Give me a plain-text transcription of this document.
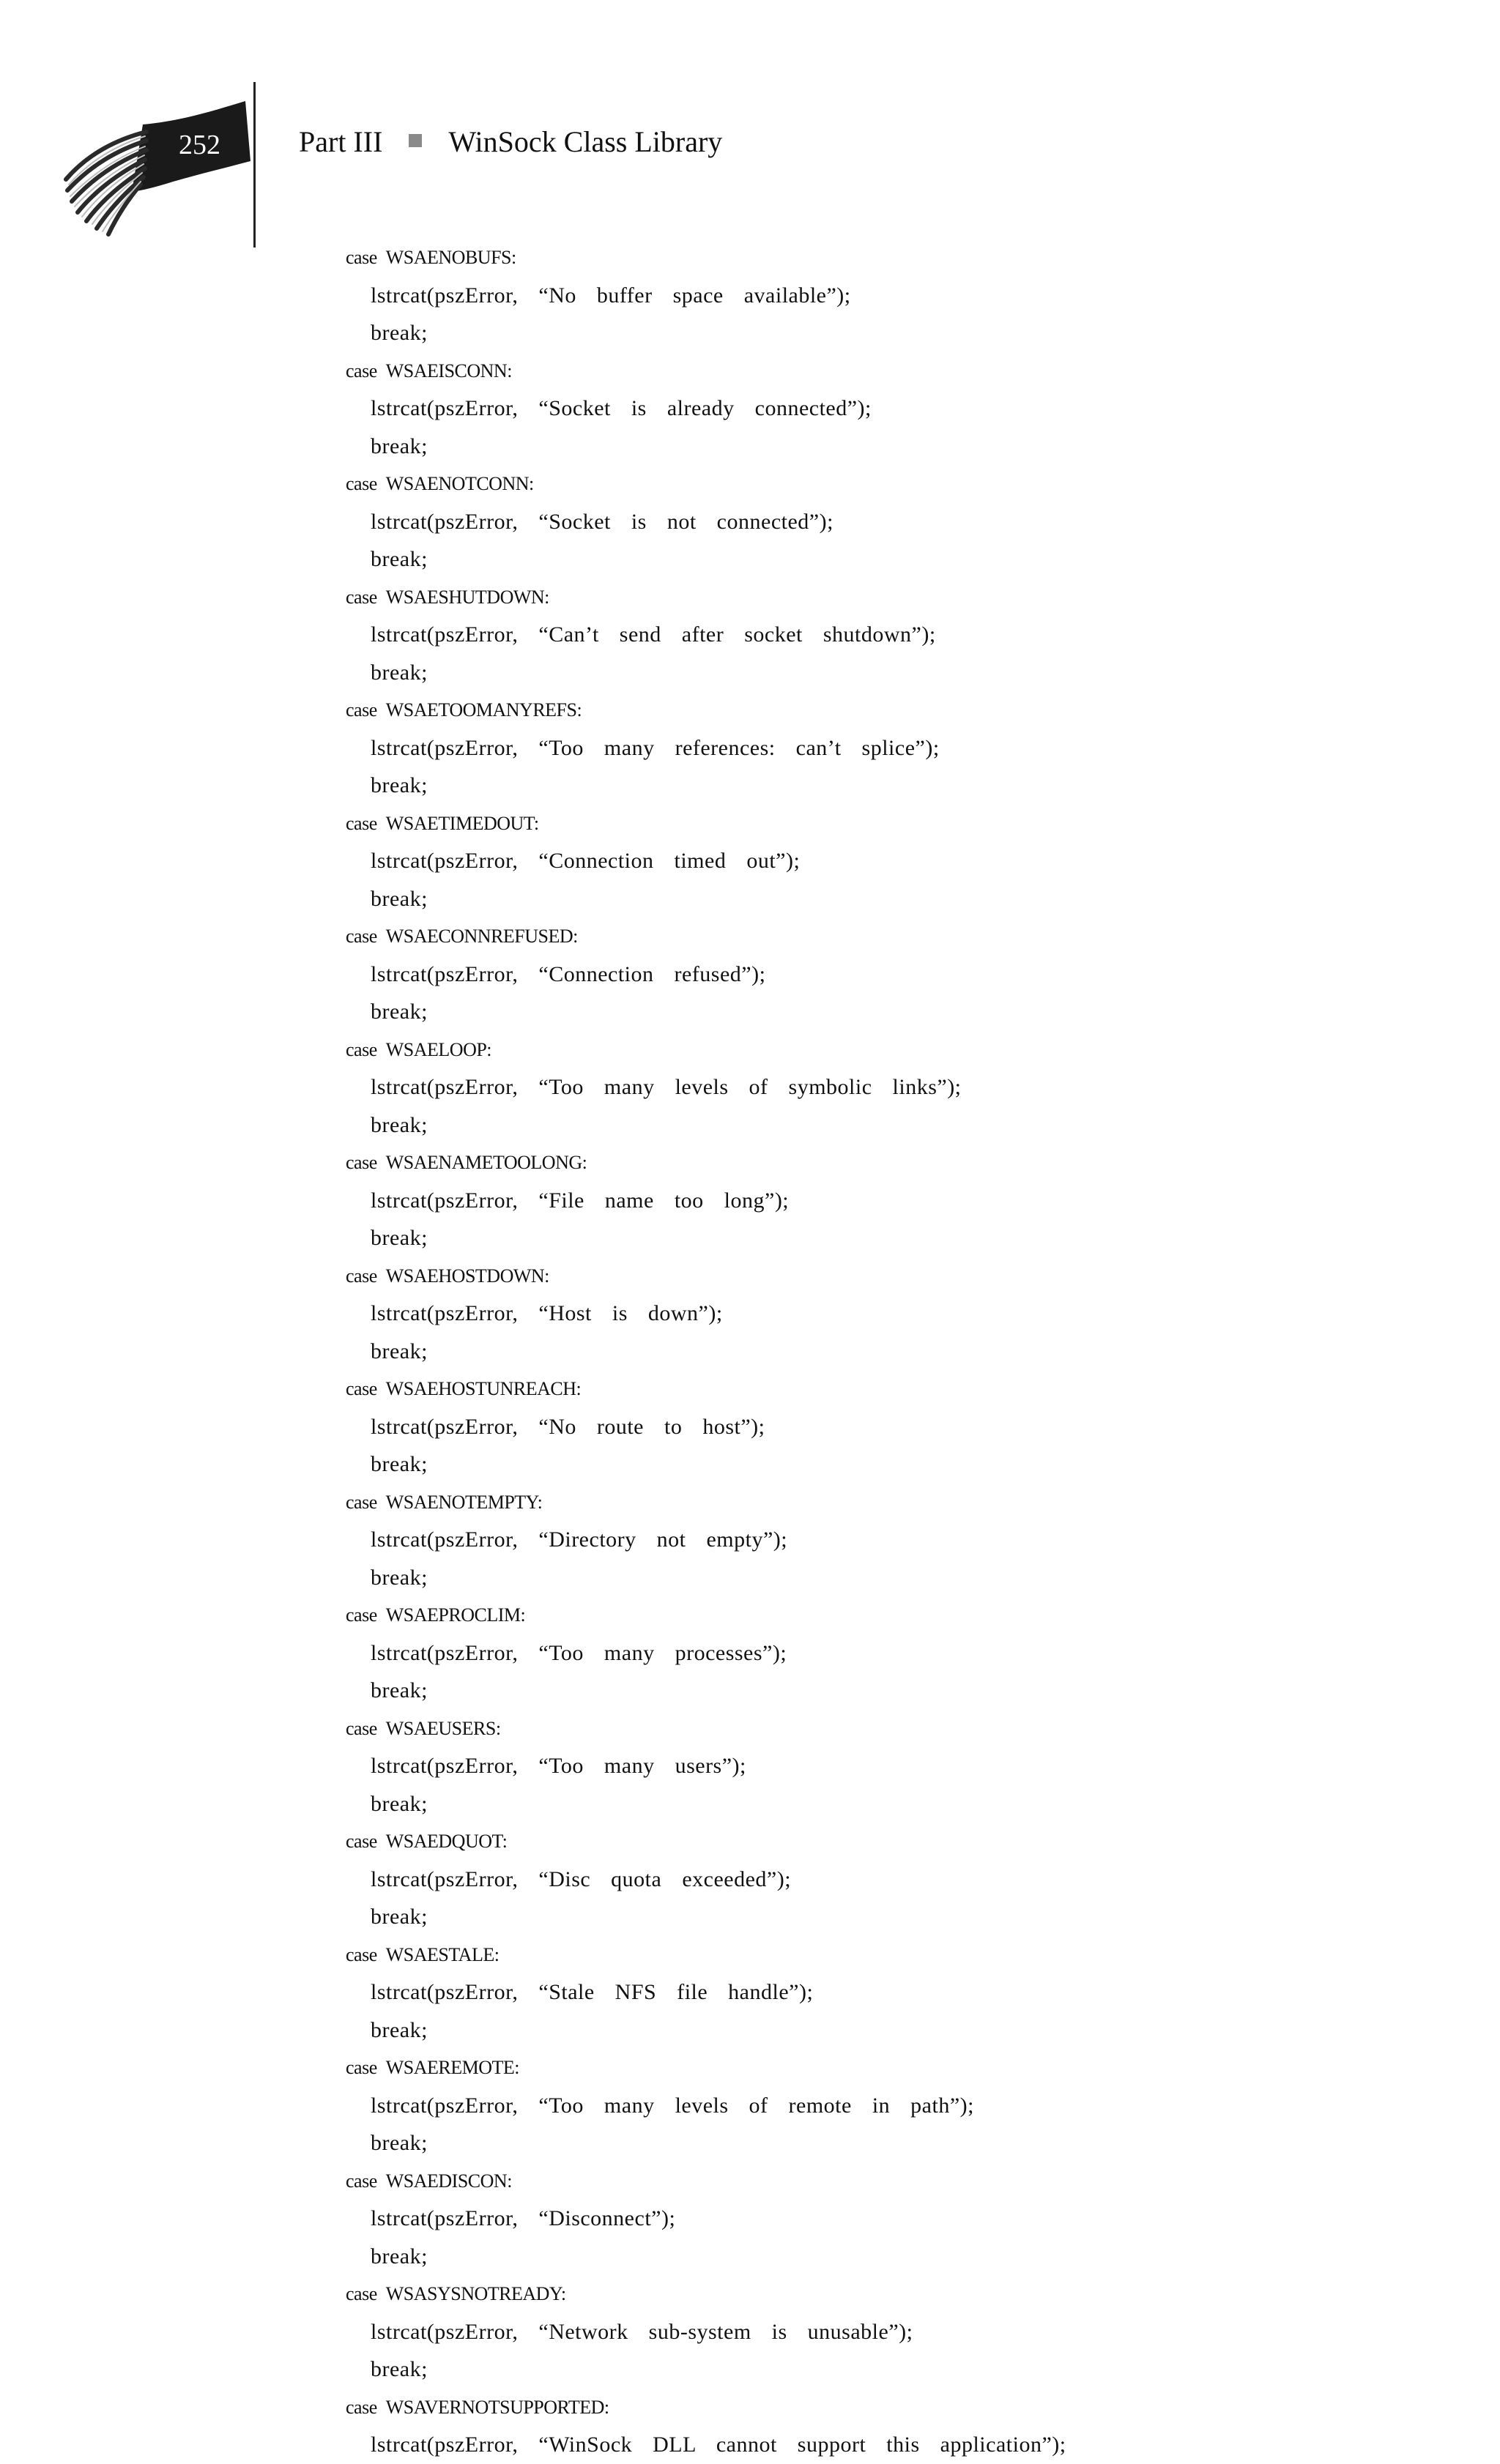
252	Part III WinSock Class Library
case WSAENOBUFS:
lstrcat(pszError, “No buffer space available”);
break;
case WSAEISCONN:
lstrcat(pszError, “Socket is already connected”);
break;
case WSAENOTCONN:
lstrcat(pszError, “Socket is not connected”);
break;
case WSAESHUTDOWN:
lstrcat(pszError, “Can’t send after socket shutdown”);
break;
case WSAETOOMANYREFS:
lstrcat(pszError, “Too many references: can’t splice”);
break;
case WSAETIMEDOUT:
lstrcat(pszError, “Connection timed out”);
break;
case WSAECONNREFUSED:
lstrcat(pszError, “Connection refused”);
break;
case WSAELOOP:
lstrcat(pszError, “Too many levels of symbolic links”);
break;
case WSAENAMETOOLONG:
lstrcat(pszError, “File name too long”);
break;
case WSAEHOSTDOWN:
lstrcat(pszError, “Host is down”);
break;
case WSAEHOSTUNREACH:
lstrcat(pszError, “No route to host”);
break;
case WSAENOTEMPTY:
lstrcat(pszError, “Directory not empty”);
break;
case WSAEPROCLIM:
lstrcat(pszError, “Too many processes”);
break;
case WSAEUSERS:
lstrcat(pszError, “Too many users”);
break;
case WSAEDQUOT:
lstrcat(pszError, “Disc quota exceeded”);
break;
case WSAESTALE:
lstrcat(pszError, “Stale NFS file handle”);
break;
case WSAEREMOTE:
lstrcat(pszError, “Too many levels of remote in path”);
break;
case WSAEDISCON:
lstrcat(pszError, “Disconnect”);
break;
case WSASYSNOTREADY:
lstrcat(pszError, “Network sub-system is unusable”);
break;
case WSAVERNOTSUPPORTED:
lstrcat(pszError, “WinSock DLL cannot support this application”);
